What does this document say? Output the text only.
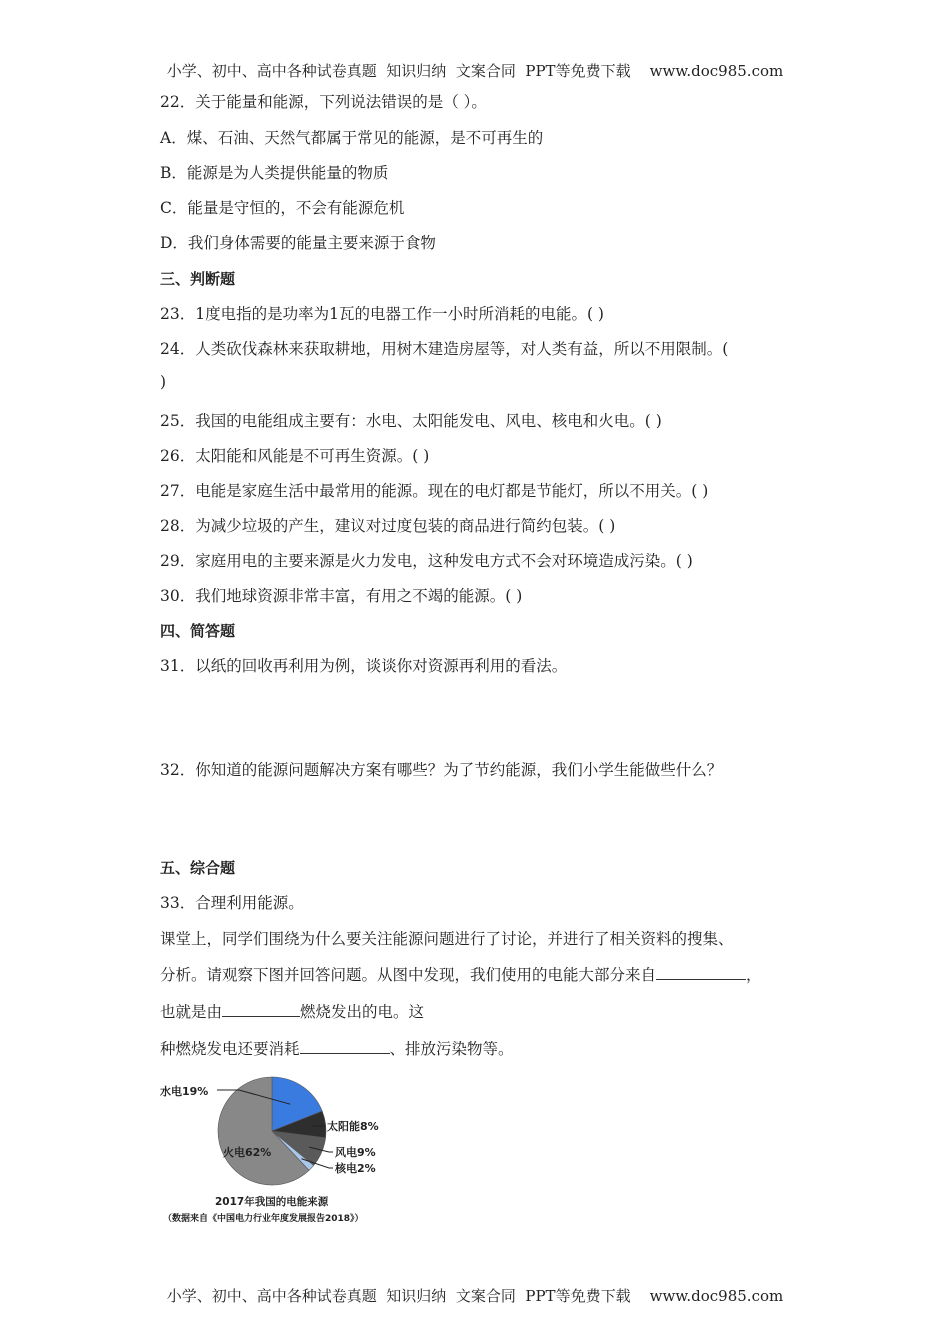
小学、初中、高中各种试卷真题  知识归纳  文案合同  PPT等免费下载    www.doc985.com
22．关于能量和能源，下列说法错误的是（ ）。
A．煤、石油、天然气都属于常见的能源，是不可再生的
B．能源是为人类提供能量的物质
C．能量是守恒的，不会有能源危机
D．我们身体需要的能量主要来源于食物
三、判断题
23．1度电指的是功率为1瓦的电器工作一小时所消耗的电能。( )
24．人类砍伐森林来获取耕地，用树木建造房屋等，对人类有益，所以不用限制。(
)
25．我国的电能组成主要有：水电、太阳能发电、风电、核电和火电。( )
26．太阳能和风能是不可再生资源。( )
27．电能是家庭生活中最常用的能源。现在的电灯都是节能灯，所以不用关。( )
28．为减少垃圾的产生，建议对过度包装的商品进行简约包装。( )
29．家庭用电的主要来源是火力发电，这种发电方式不会对环境造成污染。( )
30．我们地球资源非常丰富，有用之不竭的能源。( )
四、简答题
31．以纸的回收再利用为例，谈谈你对资源再利用的看法。
32．你知道的能源问题解决方案有哪些？为了节约能源，我们小学生能做些什么？
五、综合题
33．合理利用能源。
课堂上，同学们围绕为什么要关注能源问题进行了讨论，并进行了相关资料的搜集、
分析。请观察下图并回答问题。从图中发现，我们使用的电能大部分来自	，
也就是由	燃烧发出的电。这
种燃烧发电还要消耗	、排放污染物等。
水电19%
太阳能8%
风电9%
核电2%
火电62%
2017年我国的电能来源
（数据来自《中国电力行业年度发展报告2018》）
小学、初中、高中各种试卷真题  知识归纳  文案合同  PPT等免费下载    www.doc985.com
